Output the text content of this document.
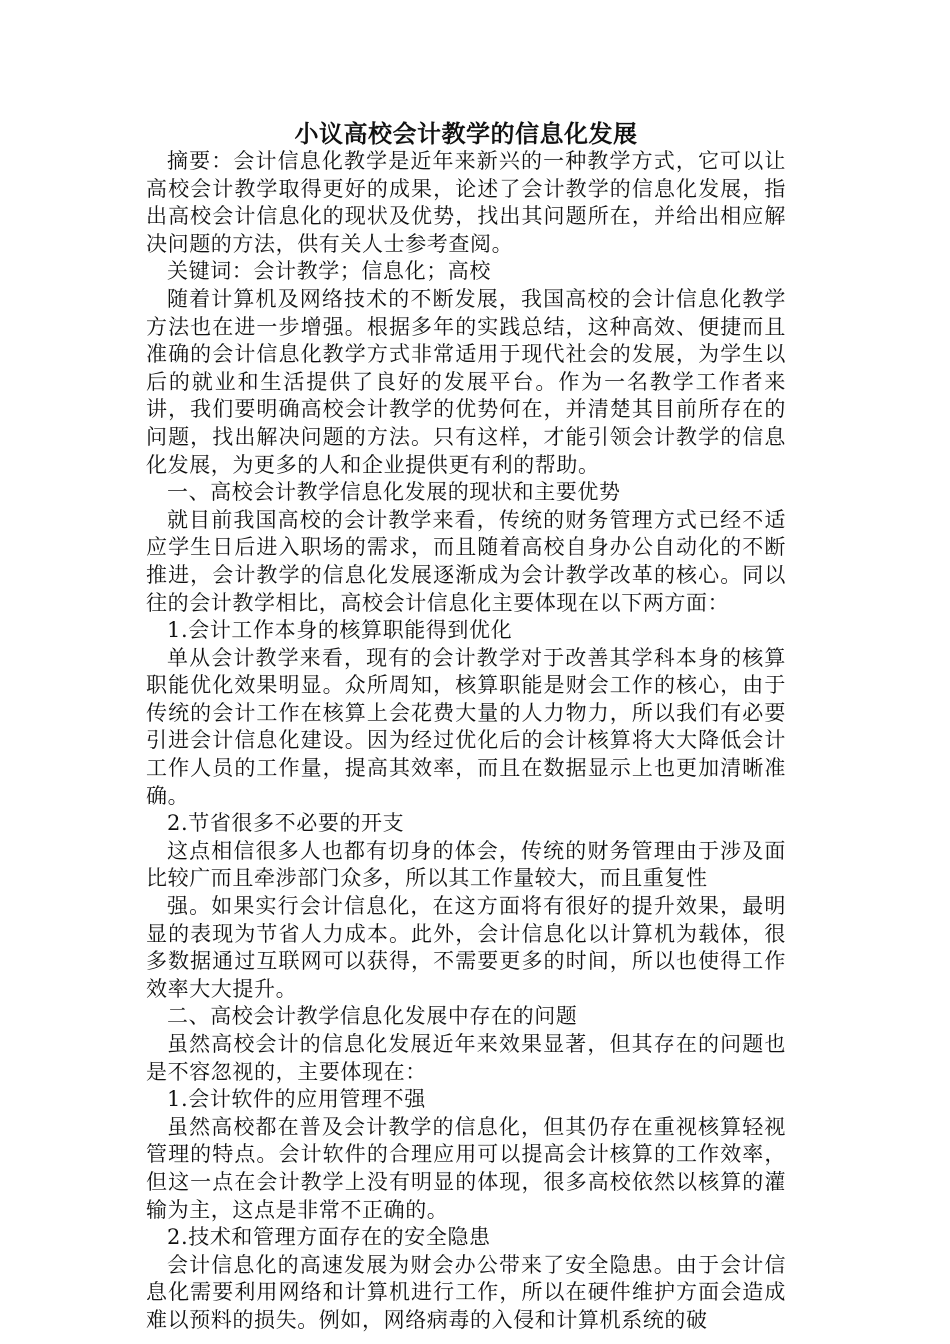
小议高校会计教学的信息化发展

摘要：会计信息化教学是近年来新兴的一种教学方式，它可以让高校会计教学取得更好的成果，论述了会计教学的信息化发展，指出高校会计信息化的现状及优势，找出其问题所在，并给出相应解决问题的方法，供有关人士参考查阅。

关键词：会计教学；信息化；高校

随着计算机及网络技术的不断发展，我国高校的会计信息化教学方法也在进一步增强。根据多年的实践总结，这种高效、便捷而且准确的会计信息化教学方式非常适用于现代社会的发展，为学生以后的就业和生活提供了良好的发展平台。作为一名教学工作者来讲，我们要明确高校会计教学的优势何在，并清楚其目前所存在的问题，找出解决问题的方法。只有这样，才能引领会计教学的信息化发展，为更多的人和企业提供更有利的帮助。

一、高校会计教学信息化发展的现状和主要优势

就目前我国高校的会计教学来看，传统的财务管理方式已经不适应学生日后进入职场的需求，而且随着高校自身办公自动化的不断推进，会计教学的信息化发展逐渐成为会计教学改革的核心。同以往的会计教学相比，高校会计信息化主要体现在以下两方面：

1.会计工作本身的核算职能得到优化

单从会计教学来看，现有的会计教学对于改善其学科本身的核算职能优化效果明显。众所周知，核算职能是财会工作的核心，由于传统的会计工作在核算上会花费大量的人力物力，所以我们有必要引进会计信息化建设。因为经过优化后的会计核算将大大降低会计工作人员的工作量，提高其效率，而且在数据显示上也更加清晰准确。

2.节省很多不必要的开支

这点相信很多人也都有切身的体会，传统的财务管理由于涉及面比较广而且牵涉部门众多，所以其工作量较大，而且重复性

强。如果实行会计信息化，在这方面将有很好的提升效果，最明显的表现为节省人力成本。此外，会计信息化以计算机为载体，很多数据通过互联网可以获得，不需要更多的时间，所以也使得工作效率大大提升。

二、高校会计教学信息化发展中存在的问题

虽然高校会计的信息化发展近年来效果显著，但其存在的问题也是不容忽视的，主要体现在：

1.会计软件的应用管理不强

虽然高校都在普及会计教学的信息化，但其仍存在重视核算轻视管理的特点。会计软件的合理应用可以提高会计核算的工作效率，但这一点在会计教学上没有明显的体现，很多高校依然以核算的灌输为主，这点是非常不正确的。

2.技术和管理方面存在的安全隐患

会计信息化的高速发展为财会办公带来了安全隐患。由于会计信息化需要利用网络和计算机进行工作，所以在硬件维护方面会造成难以预料的损失。例如，网络病毒的入侵和计算机系统的破
